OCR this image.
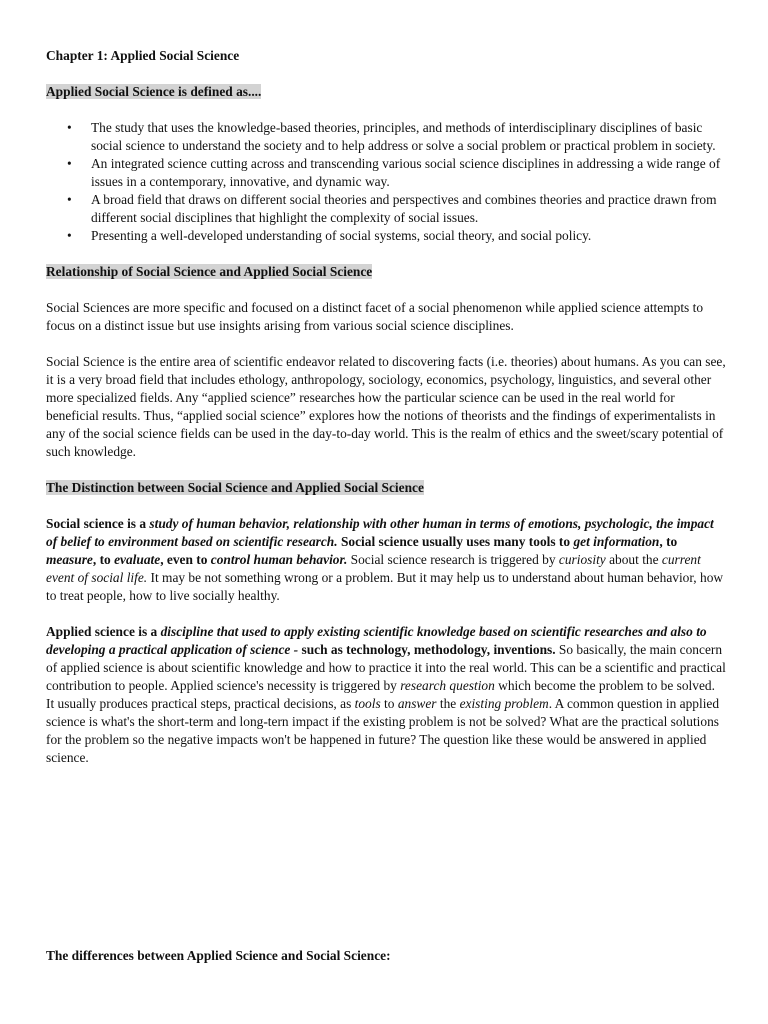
Chapter 1: Applied Social Science

Applied Social Science is defined as....

• The study that uses the knowledge-based theories, principles, and methods of interdisciplinary disciplines of basic social science to understand the society and to help address or solve a social problem or practical problem in society.
• An integrated science cutting across and transcending various social science disciplines in addressing a wide range of issues in a contemporary, innovative, and dynamic way.
• A broad field that draws on different social theories and perspectives and combines theories and practice drawn from different social disciplines that highlight the complexity of social issues.
• Presenting a well-developed understanding of social systems, social theory, and social policy.

Relationship of Social Science and Applied Social Science

Social Sciences are more specific and focused on a distinct facet of a social phenomenon while applied science attempts to focus on a distinct issue but use insights arising from various social science disciplines.

Social Science is the entire area of scientific endeavor related to discovering facts (i.e. theories) about humans. As you can see, it is a very broad field that includes ethology, anthropology, sociology, economics, psychology, linguistics, and several other more specialized fields. Any “applied science” researches how the particular science can be used in the real world for beneficial results. Thus, “applied social science” explores how the notions of theorists and the findings of experimentalists in any of the social science fields can be used in the day-to-day world. This is the realm of ethics and the sweet/scary potential of such knowledge.

The Distinction between Social Science and Applied Social Science

Social science is a study of human behavior, relationship with other human in terms of emotions, psychologic, the impact of belief to environment based on scientific research. Social science usually uses many tools to get information, to measure, to evaluate, even to control human behavior. Social science research is triggered by curiosity about the current event of social life. It may be not something wrong or a problem. But it may help us to understand about human behavior, how to treat people, how to live socially healthy.

Applied science is a discipline that used to apply existing scientific knowledge based on scientific researches and also to developing a practical application of science - such as technology, methodology, inventions. So basically, the main concern of applied science is about scientific knowledge and how to practice it into the real world. This can be a scientific and practical contribution to people. Applied science's necessity is triggered by research question which become the problem to be solved. It usually produces practical steps, practical decisions, as tools to answer the existing problem. A common question in applied science is what's the short-term and long-tern impact if the existing problem is not be solved? What are the practical solutions for the problem so the negative impacts won't be happened in future? The question like these would be answered in applied science.

The differences between Applied Science and Social Science:
